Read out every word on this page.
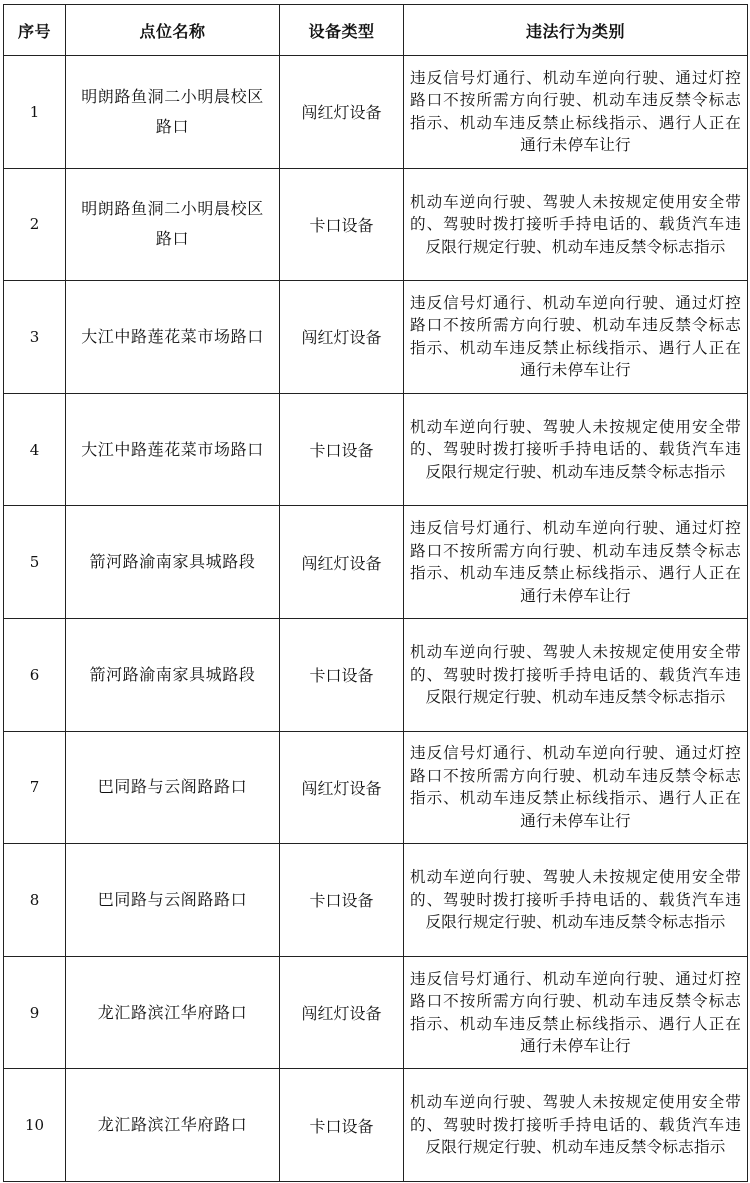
序号	点位名称	设备类型	违法行为类别
1	明朗路鱼洞二小明晨校区路口	闯红灯设备	违反信号灯通行、机动车逆向行驶、通过灯控路口不按所需方向行驶、机动车违反禁令标志指示、机动车违反禁止标线指示、遇行人正在通行未停车让行
2	明朗路鱼洞二小明晨校区路口	卡口设备	机动车逆向行驶、驾驶人未按规定使用安全带的、驾驶时拨打接听手持电话的、载货汽车违反限行规定行驶、机动车违反禁令标志指示
3	大江中路莲花菜市场路口	闯红灯设备	违反信号灯通行、机动车逆向行驶、通过灯控路口不按所需方向行驶、机动车违反禁令标志指示、机动车违反禁止标线指示、遇行人正在通行未停车让行
4	大江中路莲花菜市场路口	卡口设备	机动车逆向行驶、驾驶人未按规定使用安全带的、驾驶时拨打接听手持电话的、载货汽车违反限行规定行驶、机动车违反禁令标志指示
5	箭河路渝南家具城路段	闯红灯设备	违反信号灯通行、机动车逆向行驶、通过灯控路口不按所需方向行驶、机动车违反禁令标志指示、机动车违反禁止标线指示、遇行人正在通行未停车让行
6	箭河路渝南家具城路段	卡口设备	机动车逆向行驶、驾驶人未按规定使用安全带的、驾驶时拨打接听手持电话的、载货汽车违反限行规定行驶、机动车违反禁令标志指示
7	巴同路与云阁路路口	闯红灯设备	违反信号灯通行、机动车逆向行驶、通过灯控路口不按所需方向行驶、机动车违反禁令标志指示、机动车违反禁止标线指示、遇行人正在通行未停车让行
8	巴同路与云阁路路口	卡口设备	机动车逆向行驶、驾驶人未按规定使用安全带的、驾驶时拨打接听手持电话的、载货汽车违反限行规定行驶、机动车违反禁令标志指示
9	龙汇路滨江华府路口	闯红灯设备	违反信号灯通行、机动车逆向行驶、通过灯控路口不按所需方向行驶、机动车违反禁令标志指示、机动车违反禁止标线指示、遇行人正在通行未停车让行
10	龙汇路滨江华府路口	卡口设备	机动车逆向行驶、驾驶人未按规定使用安全带的、驾驶时拨打接听手持电话的、载货汽车违反限行规定行驶、机动车违反禁令标志指示
